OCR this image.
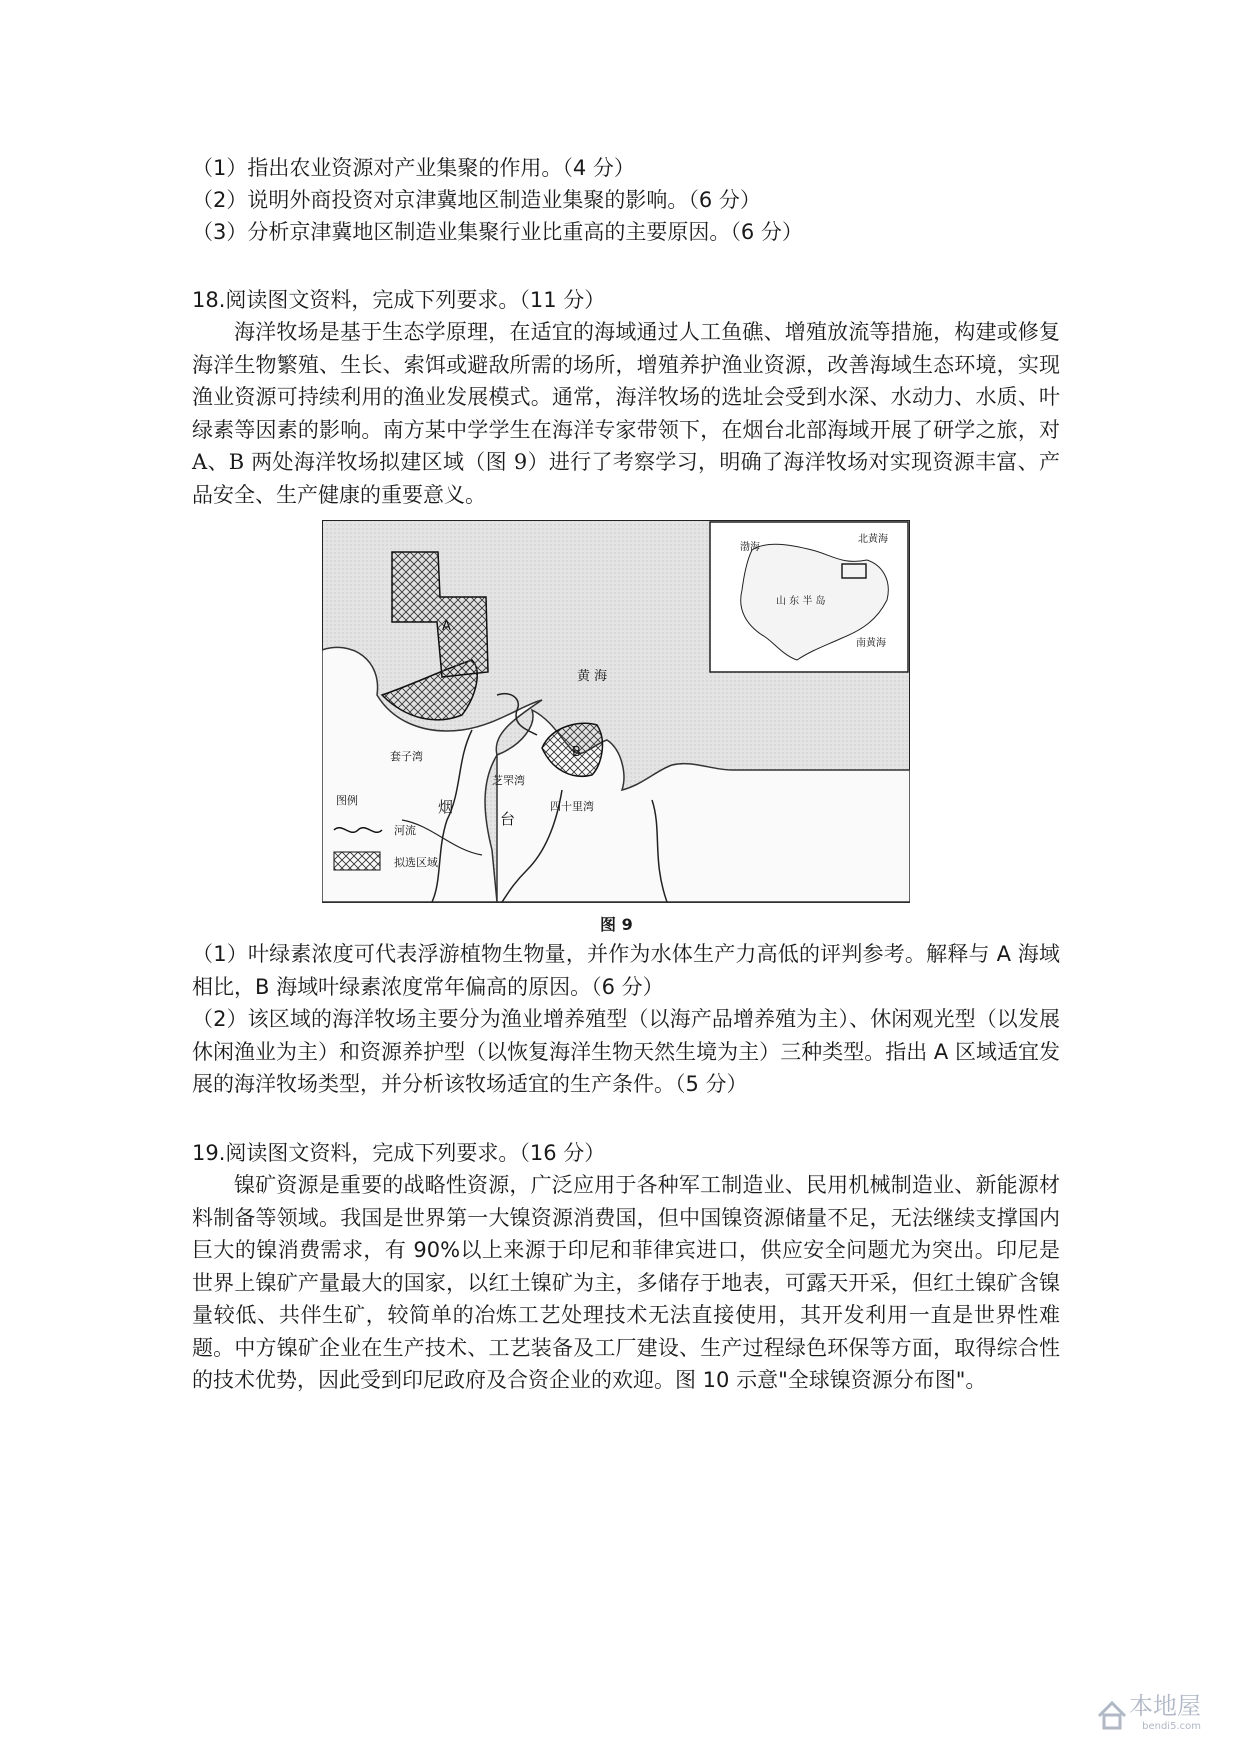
（1）指出农业资源对产业集聚的作用。（4 分）
（2）说明外商投资对京津冀地区制造业集聚的影响。（6 分）
（3）分析京津冀地区制造业集聚行业比重高的主要原因。（6 分）
18.阅读图文资料，完成下列要求。（11 分）

海洋牧场是基于生态学原理，在适宜的海域通过人工鱼礁、增殖放流等措施，构建或修复海洋生物繁殖、生长、索饵或避敌所需的场所，增殖养护渔业资源，改善海域生态环境，实现渔业资源可持续利用的渔业发展模式。通常，海洋牧场的选址会受到水深、水动力、水质、叶绿素等因素的影响。南方某中学学生在海洋专家带领下，在烟台北部海域开展了研学之旅，对 A、B 两处海洋牧场拟建区域（图 9）进行了考察学习，明确了海洋牧场对实现资源丰富、产品安全、生产健康的重要意义。

A
B
黄 海
套子湾
芝罘湾
四十里湾
烟
台
图例
河流
拟选区域
渤海
北黄海
南黄海
山 东 半 岛
图 9

（1）叶绿素浓度可代表浮游植物生物量，并作为水体生产力高低的评判参考。解释与 A 海域相比，B 海域叶绿素浓度常年偏高的原因。（6 分）

（2）该区域的海洋牧场主要分为渔业增养殖型（以海产品增养殖为主）、休闲观光型（以发展休闲渔业为主）和资源养护型（以恢复海洋生物天然生境为主）三种类型。指出 A 区域适宜发展的海洋牧场类型，并分析该牧场适宜的生产条件。（5 分）

19.阅读图文资料，完成下列要求。（16 分）

镍矿资源是重要的战略性资源，广泛应用于各种军工制造业、民用机械制造业、新能源材料制备等领域。我国是世界第一大镍资源消费国，但中国镍资源储量不足，无法继续支撑国内巨大的镍消费需求，有 90%以上来源于印尼和菲律宾进口，供应安全问题尤为突出。印尼是世界上镍矿产量最大的国家，以红土镍矿为主，多储存于地表，可露天开采，但红土镍矿含镍量较低、共伴生矿，较简单的冶炼工艺处理技术无法直接使用，其开发利用一直是世界性难题。中方镍矿企业在生产技术、工艺装备及工厂建设、生产过程绿色环保等方面，取得综合性的技术优势，因此受到印尼政府及合资企业的欢迎。图 10 示意"全球镍资源分布图"。

本地屋
bendi5.com
